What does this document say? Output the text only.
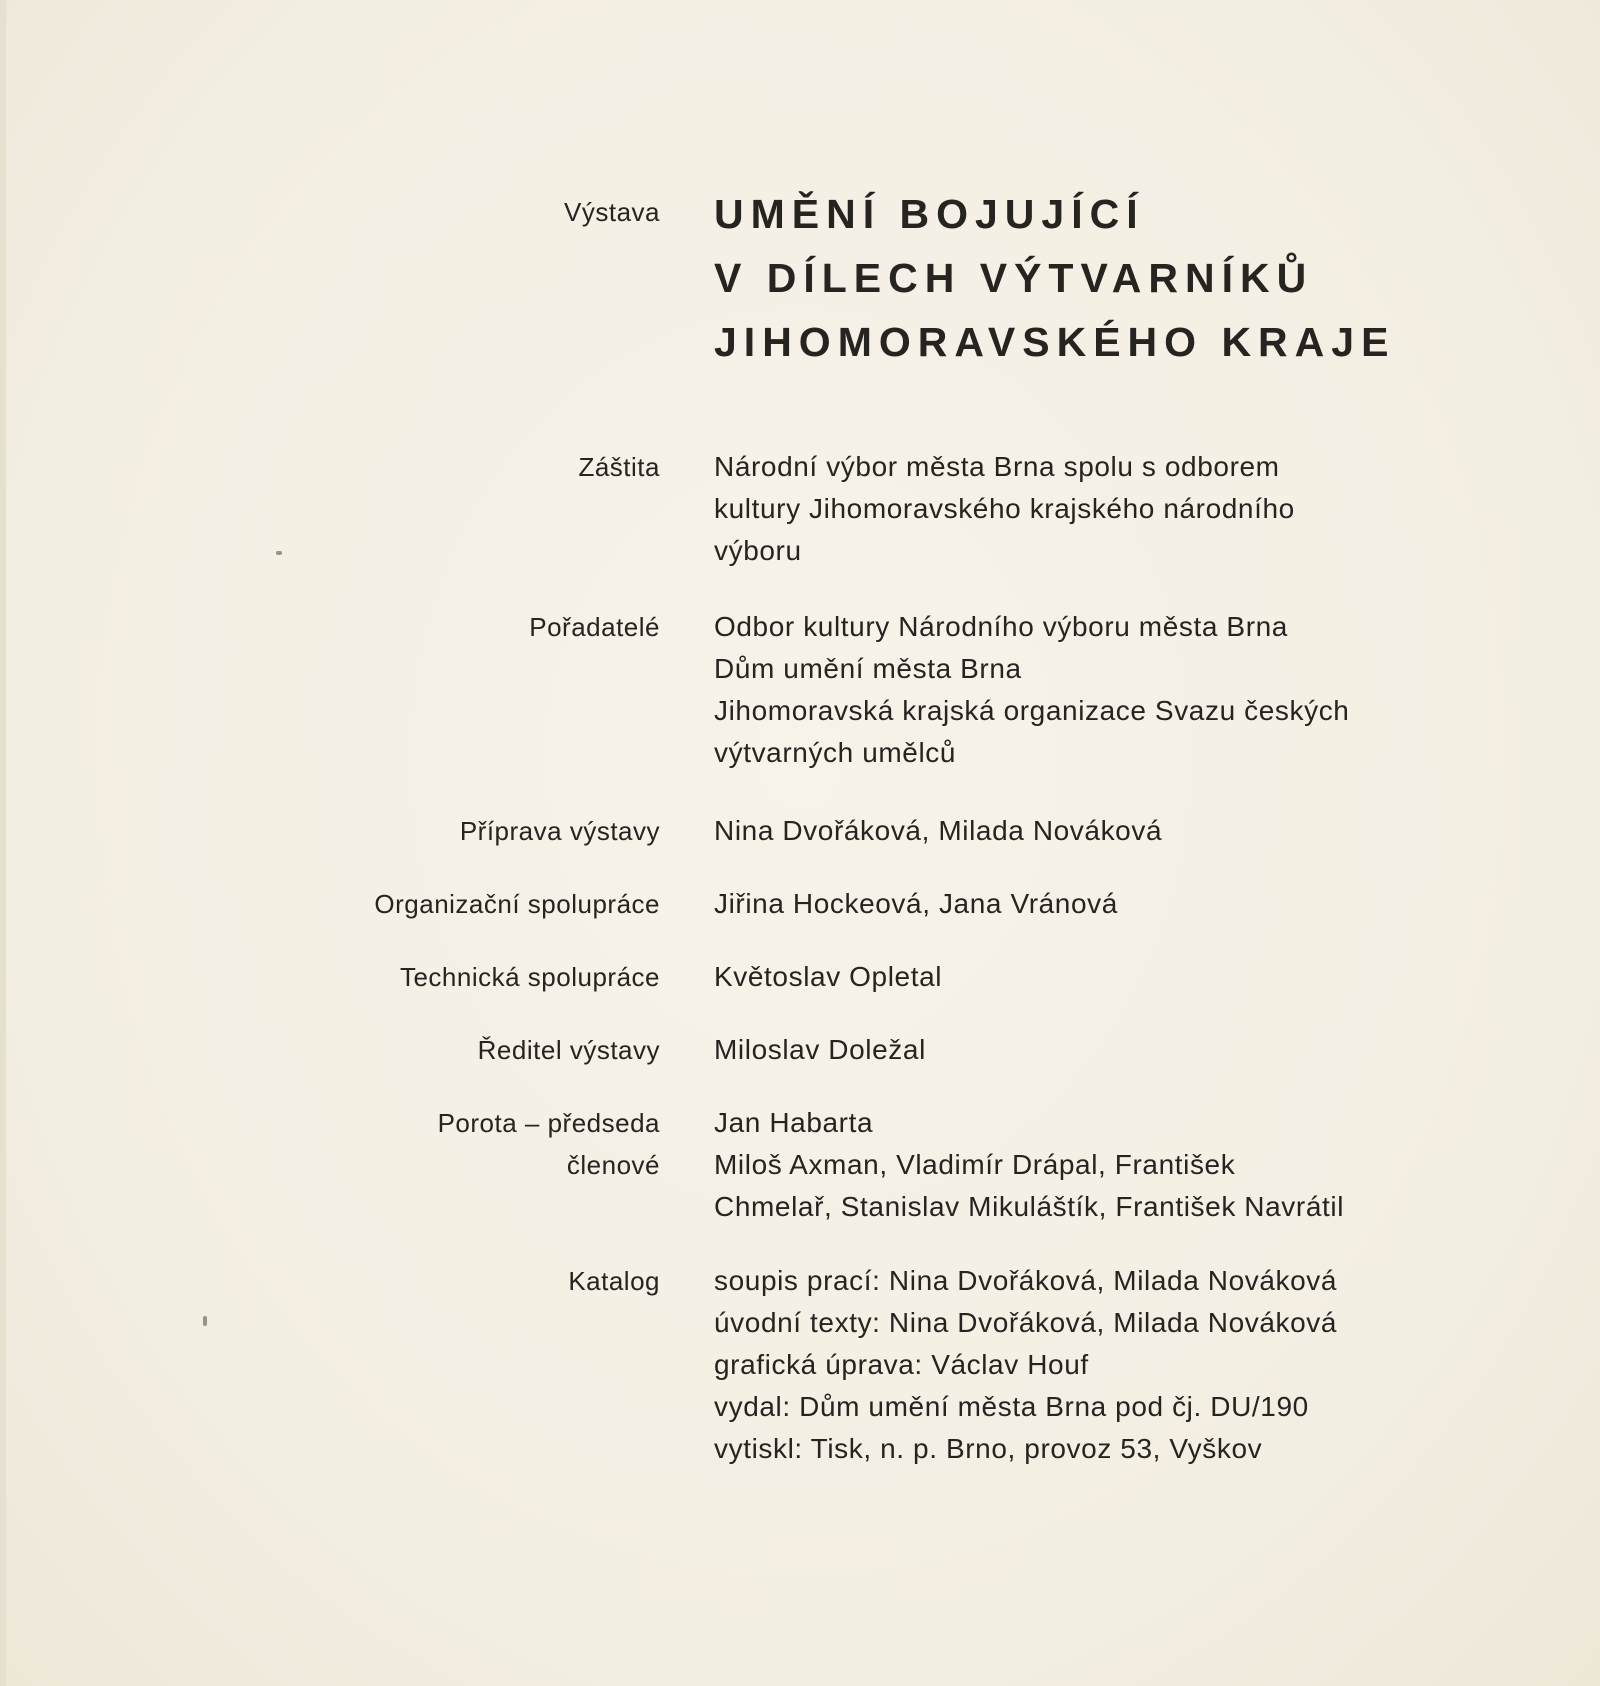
Výstava UMĚNÍ BOJUJÍCÍ
V DÍLECH VÝTVARNÍKŮ
JIHOMORAVSKÉHO KRAJE
Záštita Národní výbor města Brna spolu s odborem
kultury Jihomoravského krajského národního
výboru
Pořadatelé Odbor kultury Národního výboru města Brna
Dům umění města Brna
Jihomoravská krajská organizace Svazu českých
výtvarných umělců
Příprava výstavy Nina Dvořáková, Milada Nováková
Organizační spolupráce Jiřina Hockeová, Jana Vránová
Technická spolupráce Květoslav Opletal
Ředitel výstavy Miloslav Doležal
Porota – předseda Jan Habarta
členové Miloš Axman, Vladimír Drápal, František
Chmelař, Stanislav Mikuláštík, František Navrátil
Katalog soupis prací: Nina Dvořáková, Milada Nováková
úvodní texty: Nina Dvořáková, Milada Nováková
grafická úprava: Václav Houf
vydal: Dům umění města Brna pod čj. DU/190
vytiskl: Tisk, n. p. Brno, provoz 53, Vyškov
